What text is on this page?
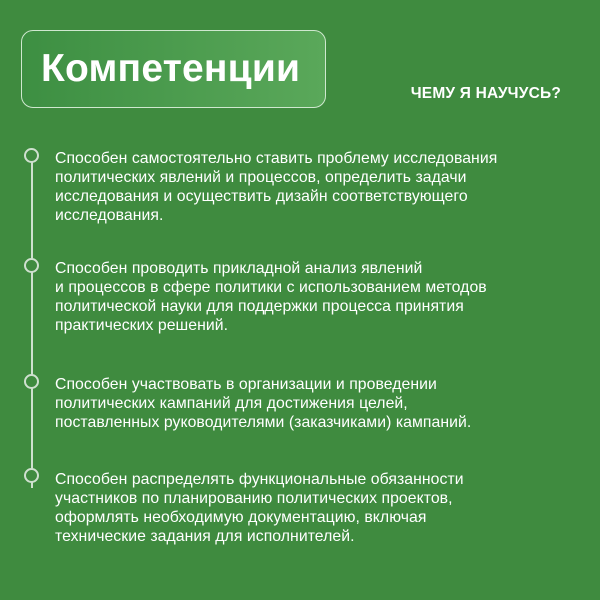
Компетенции
ЧЕМУ Я НАУЧУСЬ?
Способен самостоятельно ставить проблему исследования
политических явлений и процессов, определить задачи
исследования и осуществить дизайн соответствующего
исследования.
Способен проводить прикладной анализ явлений
и процессов в сфере политики с использованием методов
политической науки для поддержки процесса принятия
практических решений.
Способен участвовать в организации и проведении
политических кампаний для достижения целей,
поставленных руководителями (заказчиками) кампаний.
Способен распределять функциональные обязанности
участников по планированию политических проектов,
оформлять необходимую документацию, включая
технические задания для исполнителей.
